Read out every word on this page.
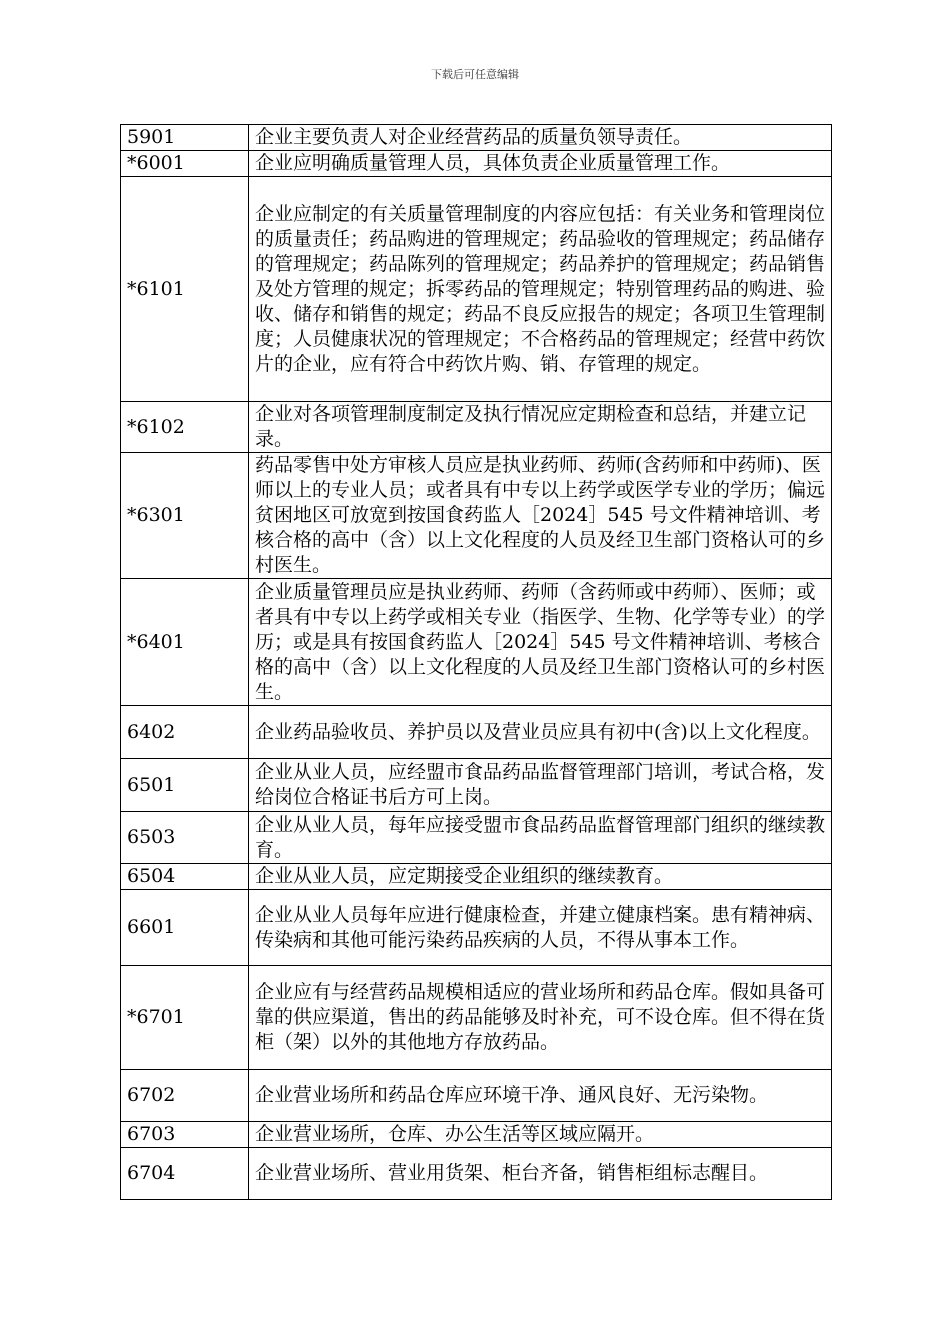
下载后可任意编辑
5901	企业主要负责人对企业经营药品的质量负领导责任。
*6001	企业应明确质量管理人员，具体负责企业质量管理工作。
*6101	企业应制定的有关质量管理制度的内容应包括：有关业务和管理岗位的质量责任；药品购进的管理规定；药品验收的管理规定；药品储存的管理规定；药品陈列的管理规定；药品养护的管理规定；药品销售及处方管理的规定；拆零药品的管理规定；特别管理药品的购进、验收、储存和销售的规定；药品不良反应报告的规定；各项卫生管理制度；人员健康状况的管理规定；不合格药品的管理规定；经营中药饮片的企业，应有符合中药饮片购、销、存管理的规定。
*6102	企业对各项管理制度制定及执行情况应定期检查和总结，并建立记录。
*6301	药品零售中处方审核人员应是执业药师、药师(含药师和中药师)、医师以上的专业人员；或者具有中专以上药学或医学专业的学历；偏远贫困地区可放宽到按国食药监人［2024］545 号文件精神培训、考核合格的高中（含）以上文化程度的人员及经卫生部门资格认可的乡村医生。
*6401	企业质量管理员应是执业药师、药师（含药师或中药师）、医师；或者具有中专以上药学或相关专业（指医学、生物、化学等专业）的学历；或是具有按国食药监人［2024］545 号文件精神培训、考核合格的高中（含）以上文化程度的人员及经卫生部门资格认可的乡村医生。
6402	企业药品验收员、养护员以及营业员应具有初中(含)以上文化程度。
6501	企业从业人员，应经盟市食品药品监督管理部门培训，考试合格，发给岗位合格证书后方可上岗。
6503	企业从业人员，每年应接受盟市食品药品监督管理部门组织的继续教育。
6504	企业从业人员，应定期接受企业组织的继续教育。
6601	企业从业人员每年应进行健康检查，并建立健康档案。患有精神病、传染病和其他可能污染药品疾病的人员，不得从事本工作。
*6701	企业应有与经营药品规模相适应的营业场所和药品仓库。假如具备可靠的供应渠道，售出的药品能够及时补充，可不设仓库。但不得在货柜（架）以外的其他地方存放药品。
6702	企业营业场所和药品仓库应环境干净、通风良好、无污染物。
6703	企业营业场所，仓库、办公生活等区域应隔开。
6704	企业营业场所、营业用货架、柜台齐备，销售柜组标志醒目。
